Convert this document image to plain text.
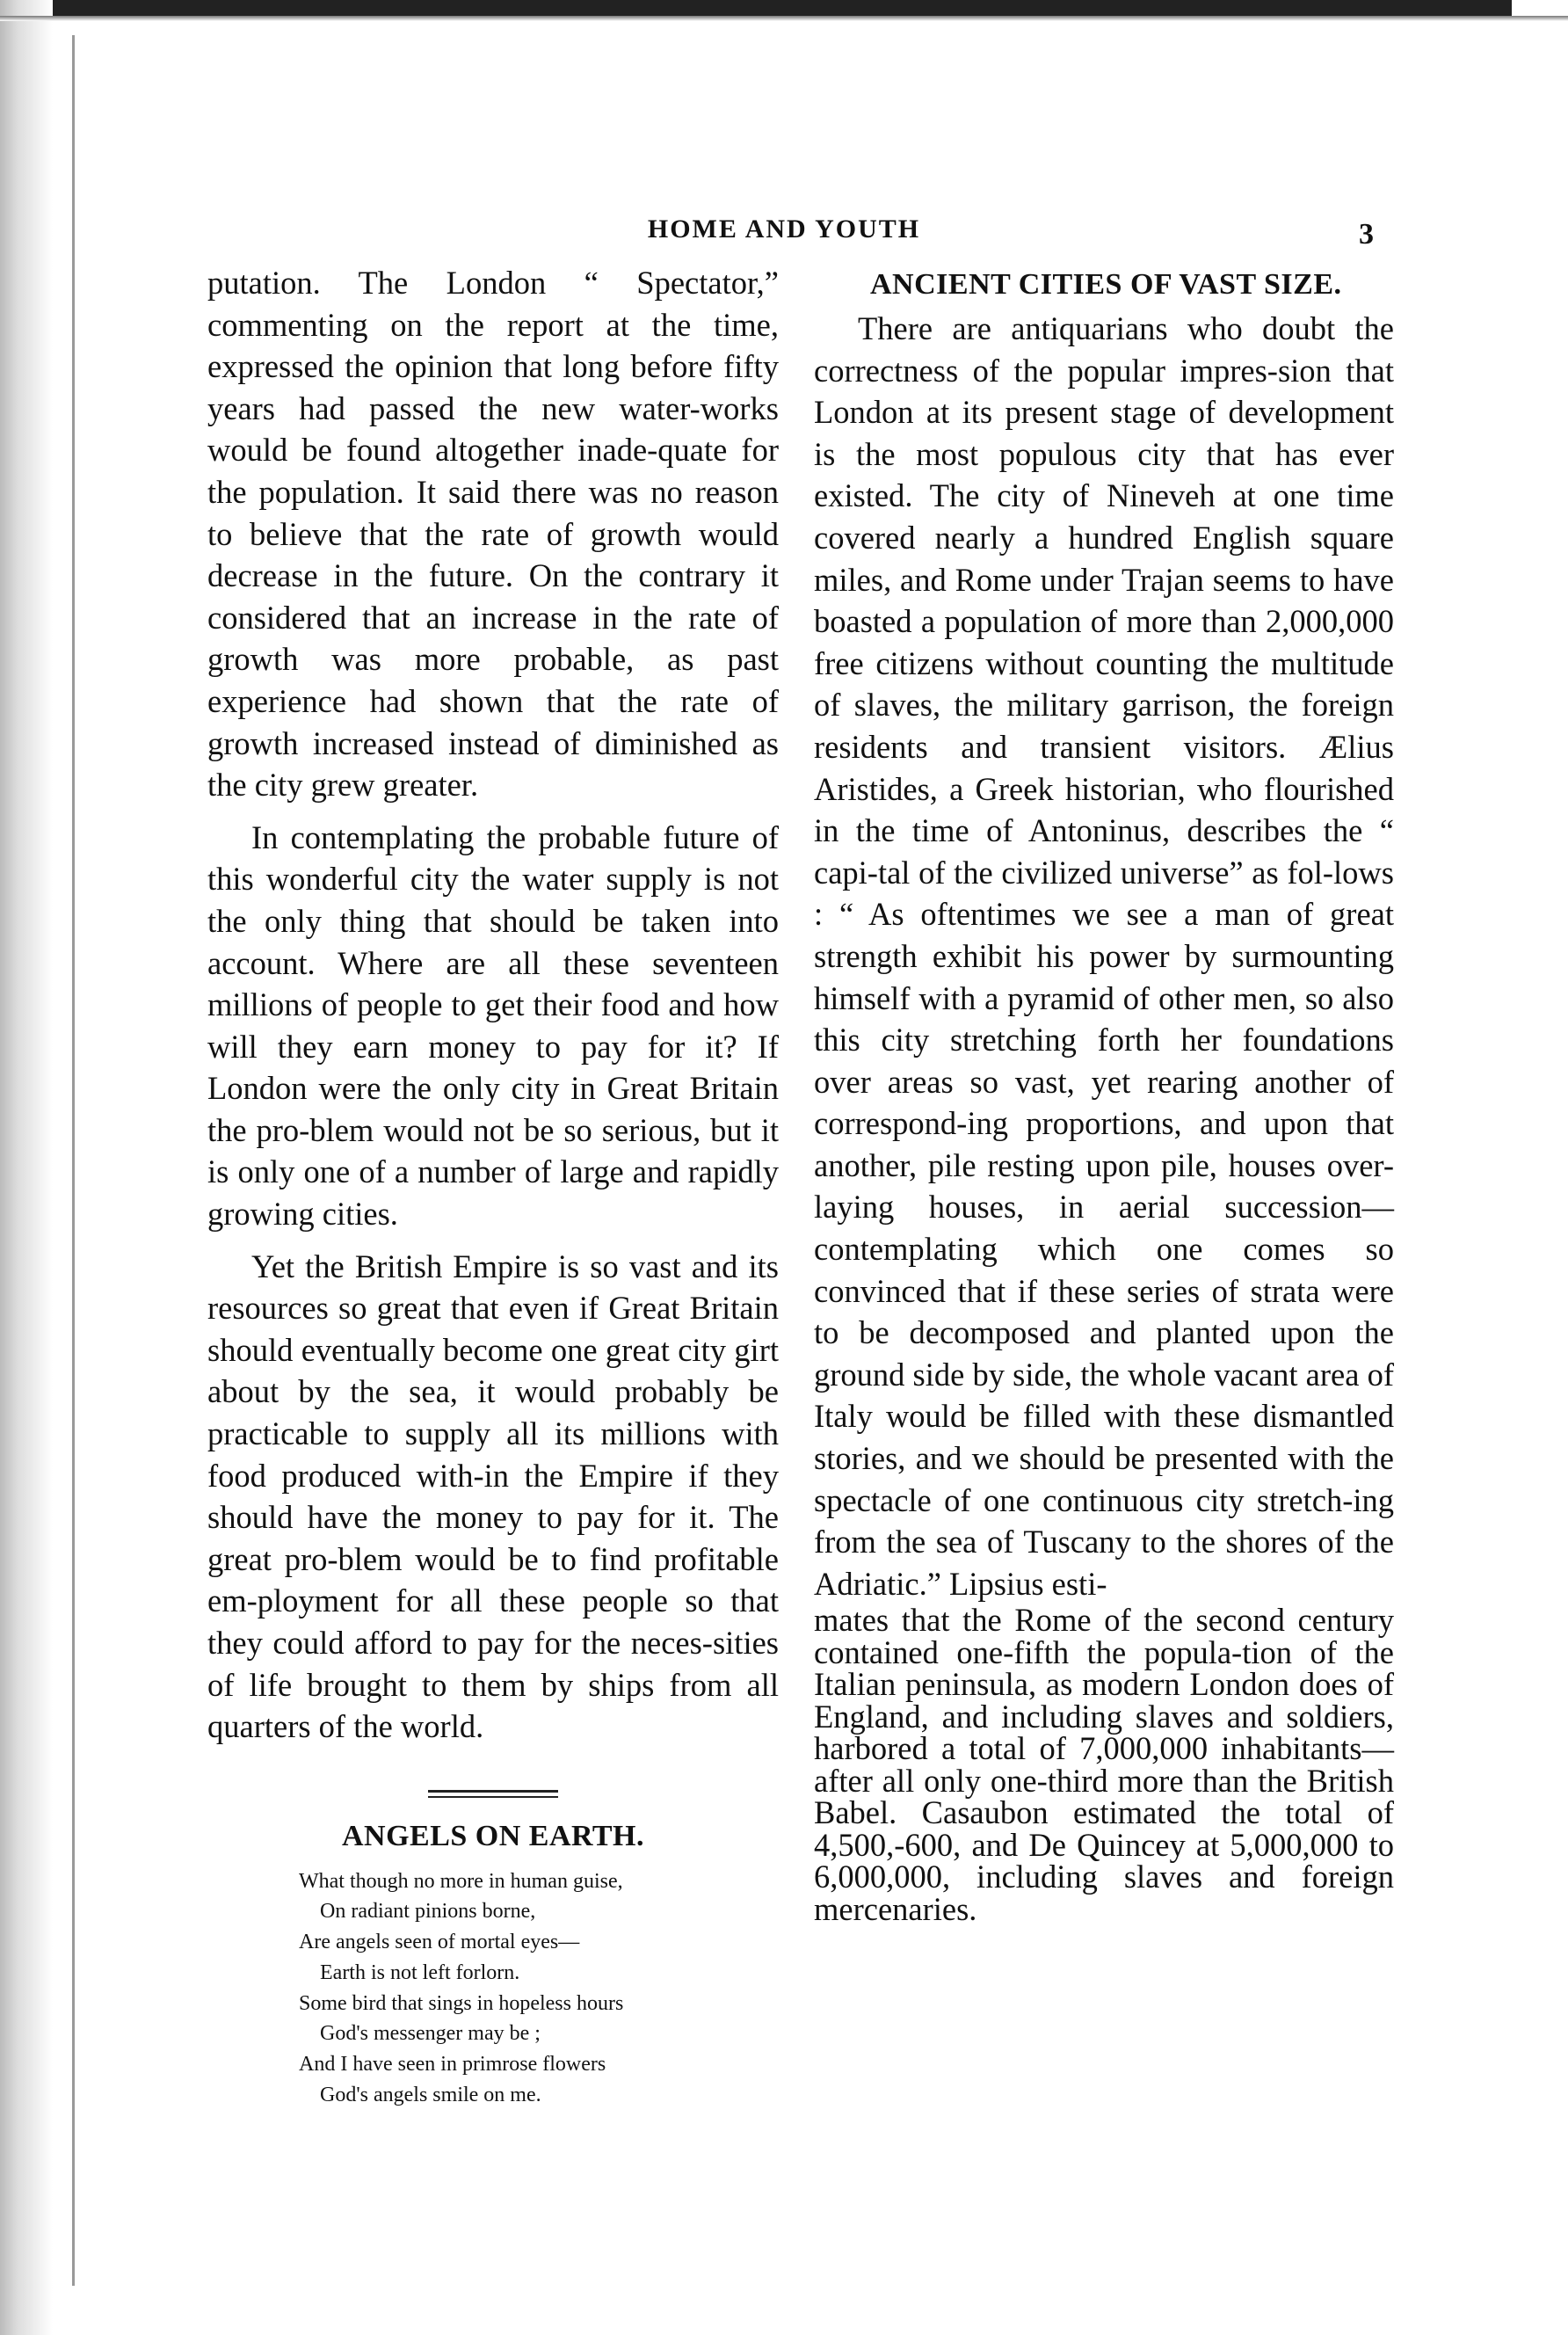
HOME AND YOUTH	3

putation. The London “ Spectator,” commenting on the report at the time, expressed the opinion that long before fifty years had passed the new water-works would be found altogether inade-quate for the population. It said there was no reason to believe that the rate of growth would decrease in the future. On the contrary it considered that an increase in the rate of growth was more probable, as past experience had shown that the rate of growth increased instead of diminished as the city grew greater.

In contemplating the probable future of this wonderful city the water supply is not the only thing that should be taken into account. Where are all these seventeen millions of people to get their food and how will they earn money to pay for it? If London were the only city in Great Britain the pro-blem would not be so serious, but it is only one of a number of large and rapidly growing cities.

Yet the British Empire is so vast and its resources so great that even if Great Britain should eventually become one great city girt about by the sea, it would probably be practicable to supply all its millions with food produced with-in the Empire if they should have the money to pay for it. The great pro-blem would be to find profitable em-ployment for all these people so that they could afford to pay for the neces-sities of life brought to them by ships from all quarters of the world.

ANGELS ON EARTH.
What though no more in human guise,
On radiant pinions borne,
Are angels seen of mortal eyes—
Earth is not left forlorn.
Some bird that sings in hopeless hours
God's messenger may be ;
And I have seen in primrose flowers
God's angels smile on me.
ANCIENT CITIES OF VAST SIZE.

There are antiquarians who doubt the correctness of the popular impres-sion that London at its present stage of development is the most populous city that has ever existed. The city of Nineveh at one time covered nearly a hundred English square miles, and Rome under Trajan seems to have boasted a population of more than 2,000,000 free citizens without counting the multitude of slaves, the military garrison, the foreign residents and transient visitors. Ælius Aristides, a Greek historian, who flourished in the time of Antoninus, describes the “ capi-tal of the civilized universe” as fol-lows : “ As oftentimes we see a man of great strength exhibit his power by surmounting himself with a pyramid of other men, so also this city stretching forth her foundations over areas so vast, yet rearing another of correspond-ing proportions, and upon that another, pile resting upon pile, houses over-laying houses, in aerial succession—contemplating which one comes so convinced that if these series of strata were to be decomposed and planted upon the ground side by side, the whole vacant area of Italy would be filled with these dismantled stories, and we should be presented with the spectacle of one continuous city stretch-ing from the sea of Tuscany to the shores of the Adriatic.” Lipsius esti-

mates that the Rome of the second century contained one-fifth the popula-tion of the Italian peninsula, as modern London does of England, and including slaves and soldiers, harbored a total of 7,000,000 inhabitants—after all only one-third more than the British Babel. Casaubon estimated the total of 4,500,-600, and De Quincey at 5,000,000 to 6,000,000, including slaves and foreign mercenaries.
